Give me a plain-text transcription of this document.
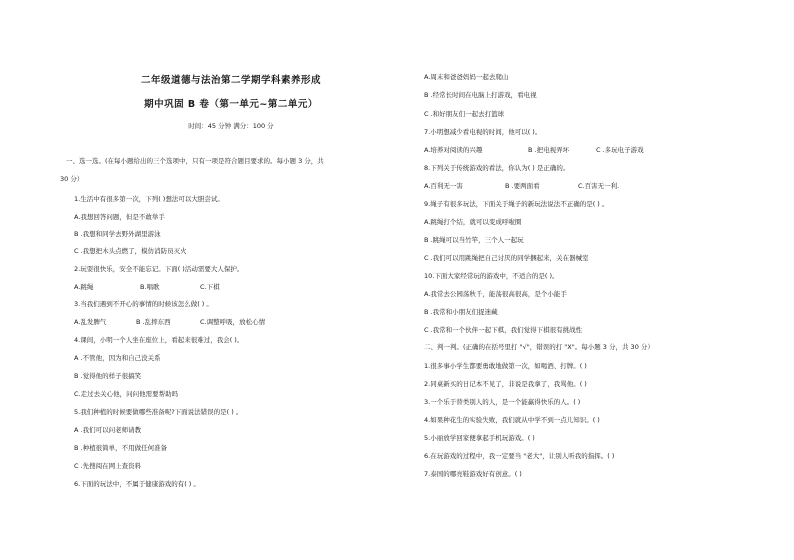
二年级道德与法治第二学期学科素养形成
期中巩固 B 卷（第一单元~第二单元）
时间：45 分钟 满分：100 分
一、选一选。(在每小题给出的三个选项中，只有一项是符合题目要求的。每小题 3 分，共
30 分）
1.生活中有很多第一次，下列( )想法可以大胆尝试。
A.我想回答问题，但是不敢举手
B .我想和同学去野外湖里游泳
C .我想把木头点燃了，模仿消防员灭火
2.玩耍很快乐，安全不能忘记。下面( )活动需要大人保护。
A.跳绳	B.唱歌	C.下棋
3.当我们遇到不开心的事情的时候该怎么做( ) 。
A.乱发脾气	B .乱摔东西	C.调整呼吸，放松心情
4.课间，小明一个人坐在座位上，看起来很难过，我会( )。
A .不管他，因为和自己没关系
B .觉得他的样子很搞笑
C.走过去关心他，问问他需要帮助吗
5.我们种植的时候要做哪些准备呢?下面说法错误的是( ) 。
A .我们可以问老师请教
B .种植很简单，不用做任何准备
C .先搜阅在网上查资料
6.下面的玩法中，不属于健康游戏的有( ) 。
A.周末和爸爸妈妈一起去爬山
B .经常长时间在电脑上打游戏，看电视
C .和好朋友们一起去打篮球
7.小明想减少看电视的时间，他可以( )。
A.培养对阅读的兴趣	B .把电视弄坏	C .多玩电子游戏
8.下列关于传统游戏的看法，你认为( ) 是正确的。
A.百利无一害	B .要两面看	C.百害无一利.
9.绳子有很多玩法，下面关于绳子的新玩法说法不正确的是( ) 。
A.跳绳打个结，就可以变成呼啦圈
B .跳绳可以当竹竿，三个人一起玩
C .我们可以用跳绳把自己讨厌的同学捆起来，关在器械室
10.下面大家经常玩的游戏中，不适合的是( )。
A.我常去公园荡秋千，能荡很高很高，是个小能手
B .我常和小朋友们捉迷藏
C .我常和一个伙伴一起下棋，我们觉得下棋很有挑战性
二、判一判。(正确的在括号里打 "√"，错误的打 "X"。每小题 3 分，共 30 分）
1.很多事小学生都要勇敢地做第一次，如喝酒、打牌。( )
2.同桌新买的日记本不见了，非说是我拿了，我骂他。( )
3.一个乐于替类别人的人，是一个能赢得快乐的人。( )
4.如果种花生的实验失败，我们就从中学不到一点儿知识。( )
5.小丽放学回家便拿起手机玩游戏。( )
6.在玩游戏的过程中，我一定要当 "老大"，让别人听我的指挥。( )
7.泰国的哪亮鞋游戏好有创意。( )
